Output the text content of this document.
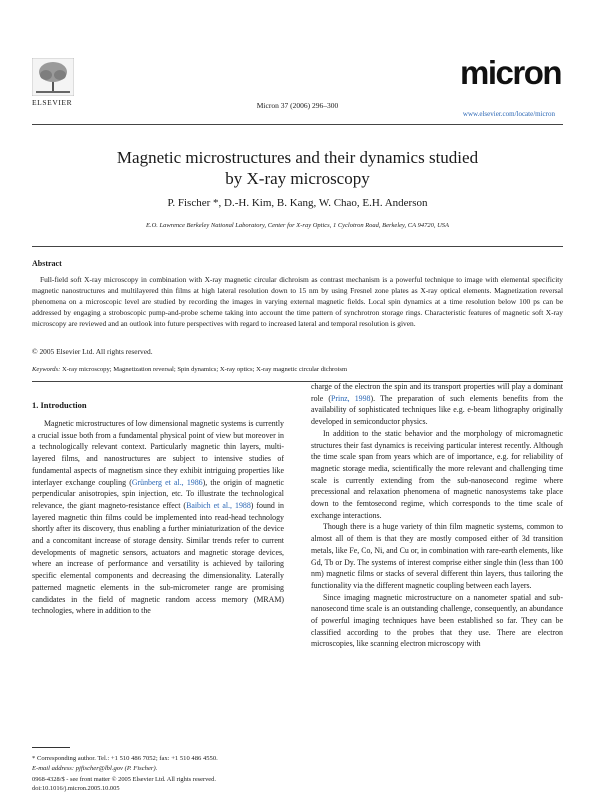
ELSEVIER	Micron 37 (2006) 296–300
micron
www.elsevier.com/locate/micron
Magnetic microstructures and their dynamics studied
by X-ray microscopy
P. Fischer *, D.-H. Kim, B. Kang, W. Chao, E.H. Anderson
E.O. Lawrence Berkeley National Laboratory, Center for X-ray Optics, 1 Cyclotron Road, Berkeley, CA 94720, USA
Abstract
Full-field soft X-ray microscopy in combination with X-ray magnetic circular dichroism as contrast mechanism is a powerful technique to image with elemental specificity magnetic nanostructures and multilayered thin films at high lateral resolution down to 15 nm by using Fresnel zone plates as X-ray optical elements. Magnetization reversal phenomena on a microscopic level are studied by recording the images in varying external magnetic fields. Local spin dynamics at a time resolution below 100 ps can be addressed by engaging a stroboscopic pump-and-probe scheme taking into account the time pattern of synchrotron storage rings. Characteristic features of magnetic soft X-ray microscopy are reviewed and an outlook into future perspectives with regard to increased lateral and temporal resolution is given.
© 2005 Elsevier Ltd. All rights reserved.
Keywords: X-ray microscopy; Magnetization reversal; Spin dynamics; X-ray optics; X-ray magnetic circular dichroism
1. Introduction

Magnetic microstructures of low dimensional magnetic systems is currently a crucial issue both from a fundamental physical point of view but moreover in a technologically relevant context. Particularly magnetic thin layers, multi-layered films, and nanostructures are subject to intensive studies of fundamental aspects of magnetism since they exhibit intriguing properties like interlayer exchange coupling (Grünberg et al., 1986), the origin of magnetic perpendicular anisotropies, spin injection, etc. To illustrate the technological relevance, the giant magneto-resistance effect (Baibich et al., 1988) found in layered magnetic thin films could be implemented into read-head technology shortly after its discovery, thus enabling a further miniaturization of the device and a concomitant increase of storage density. Similar trends refer to current developments of magnetic sensors, actuators and magnetic storage devices, where an increase of performance and versatility is achieved by tailoring specific elemental components and decreasing the dimensionality. Laterally patterned magnetic elements in the sub-micrometer range are promising candidates in the field of magnetic random access memory (MRAM) technologies, where in addition to the

charge of the electron the spin and its transport properties will play a dominant role (Prinz, 1998). The preparation of such elements benefits from the availability of sophisticated techniques like e.g. e-beam lithography originally developed in semiconductor physics.

In addition to the static behavior and the morphology of micromagnetic structures their fast dynamics is receiving particular interest recently. Although the time scale span from years which are of importance, e.g. for reliability of magnetic storage media, scientifically the more relevant and challenging time scale is currently extending from the sub-nanosecond regime where precessional and relaxation phenomena of magnetic nanosystems take place down to the femtosecond regime, which corresponds to the time scale of exchange interactions.

Though there is a huge variety of thin film magnetic systems, common to almost all of them is that they are mostly composed either of 3d transition metals, like Fe, Co, Ni, and Cu or, in combination with rare-earth elements, like Gd, Tb or Dy. The systems of interest comprise either single thin (less than 100 nm) magnetic films or stacks of several different thin layers, thus tailoring the functionality via the different magnetic coupling between each layers.

Since imaging magnetic microstructure on a nanometer spatial and sub-nanosecond time scale is an outstanding challenge, consequently, an abundance of powerful imaging techniques have been established so far. They can be classified according to the probes that they use. There are electron microscopies, like scanning electron microscopy with

* Corresponding author. Tel.: +1 510 486 7052; fax: +1 510 486 4550.
E-mail address: pjfischer@lbl.gov (P. Fischer).
0968-4328/$ - see front matter © 2005 Elsevier Ltd. All rights reserved.
doi:10.1016/j.micron.2005.10.005
